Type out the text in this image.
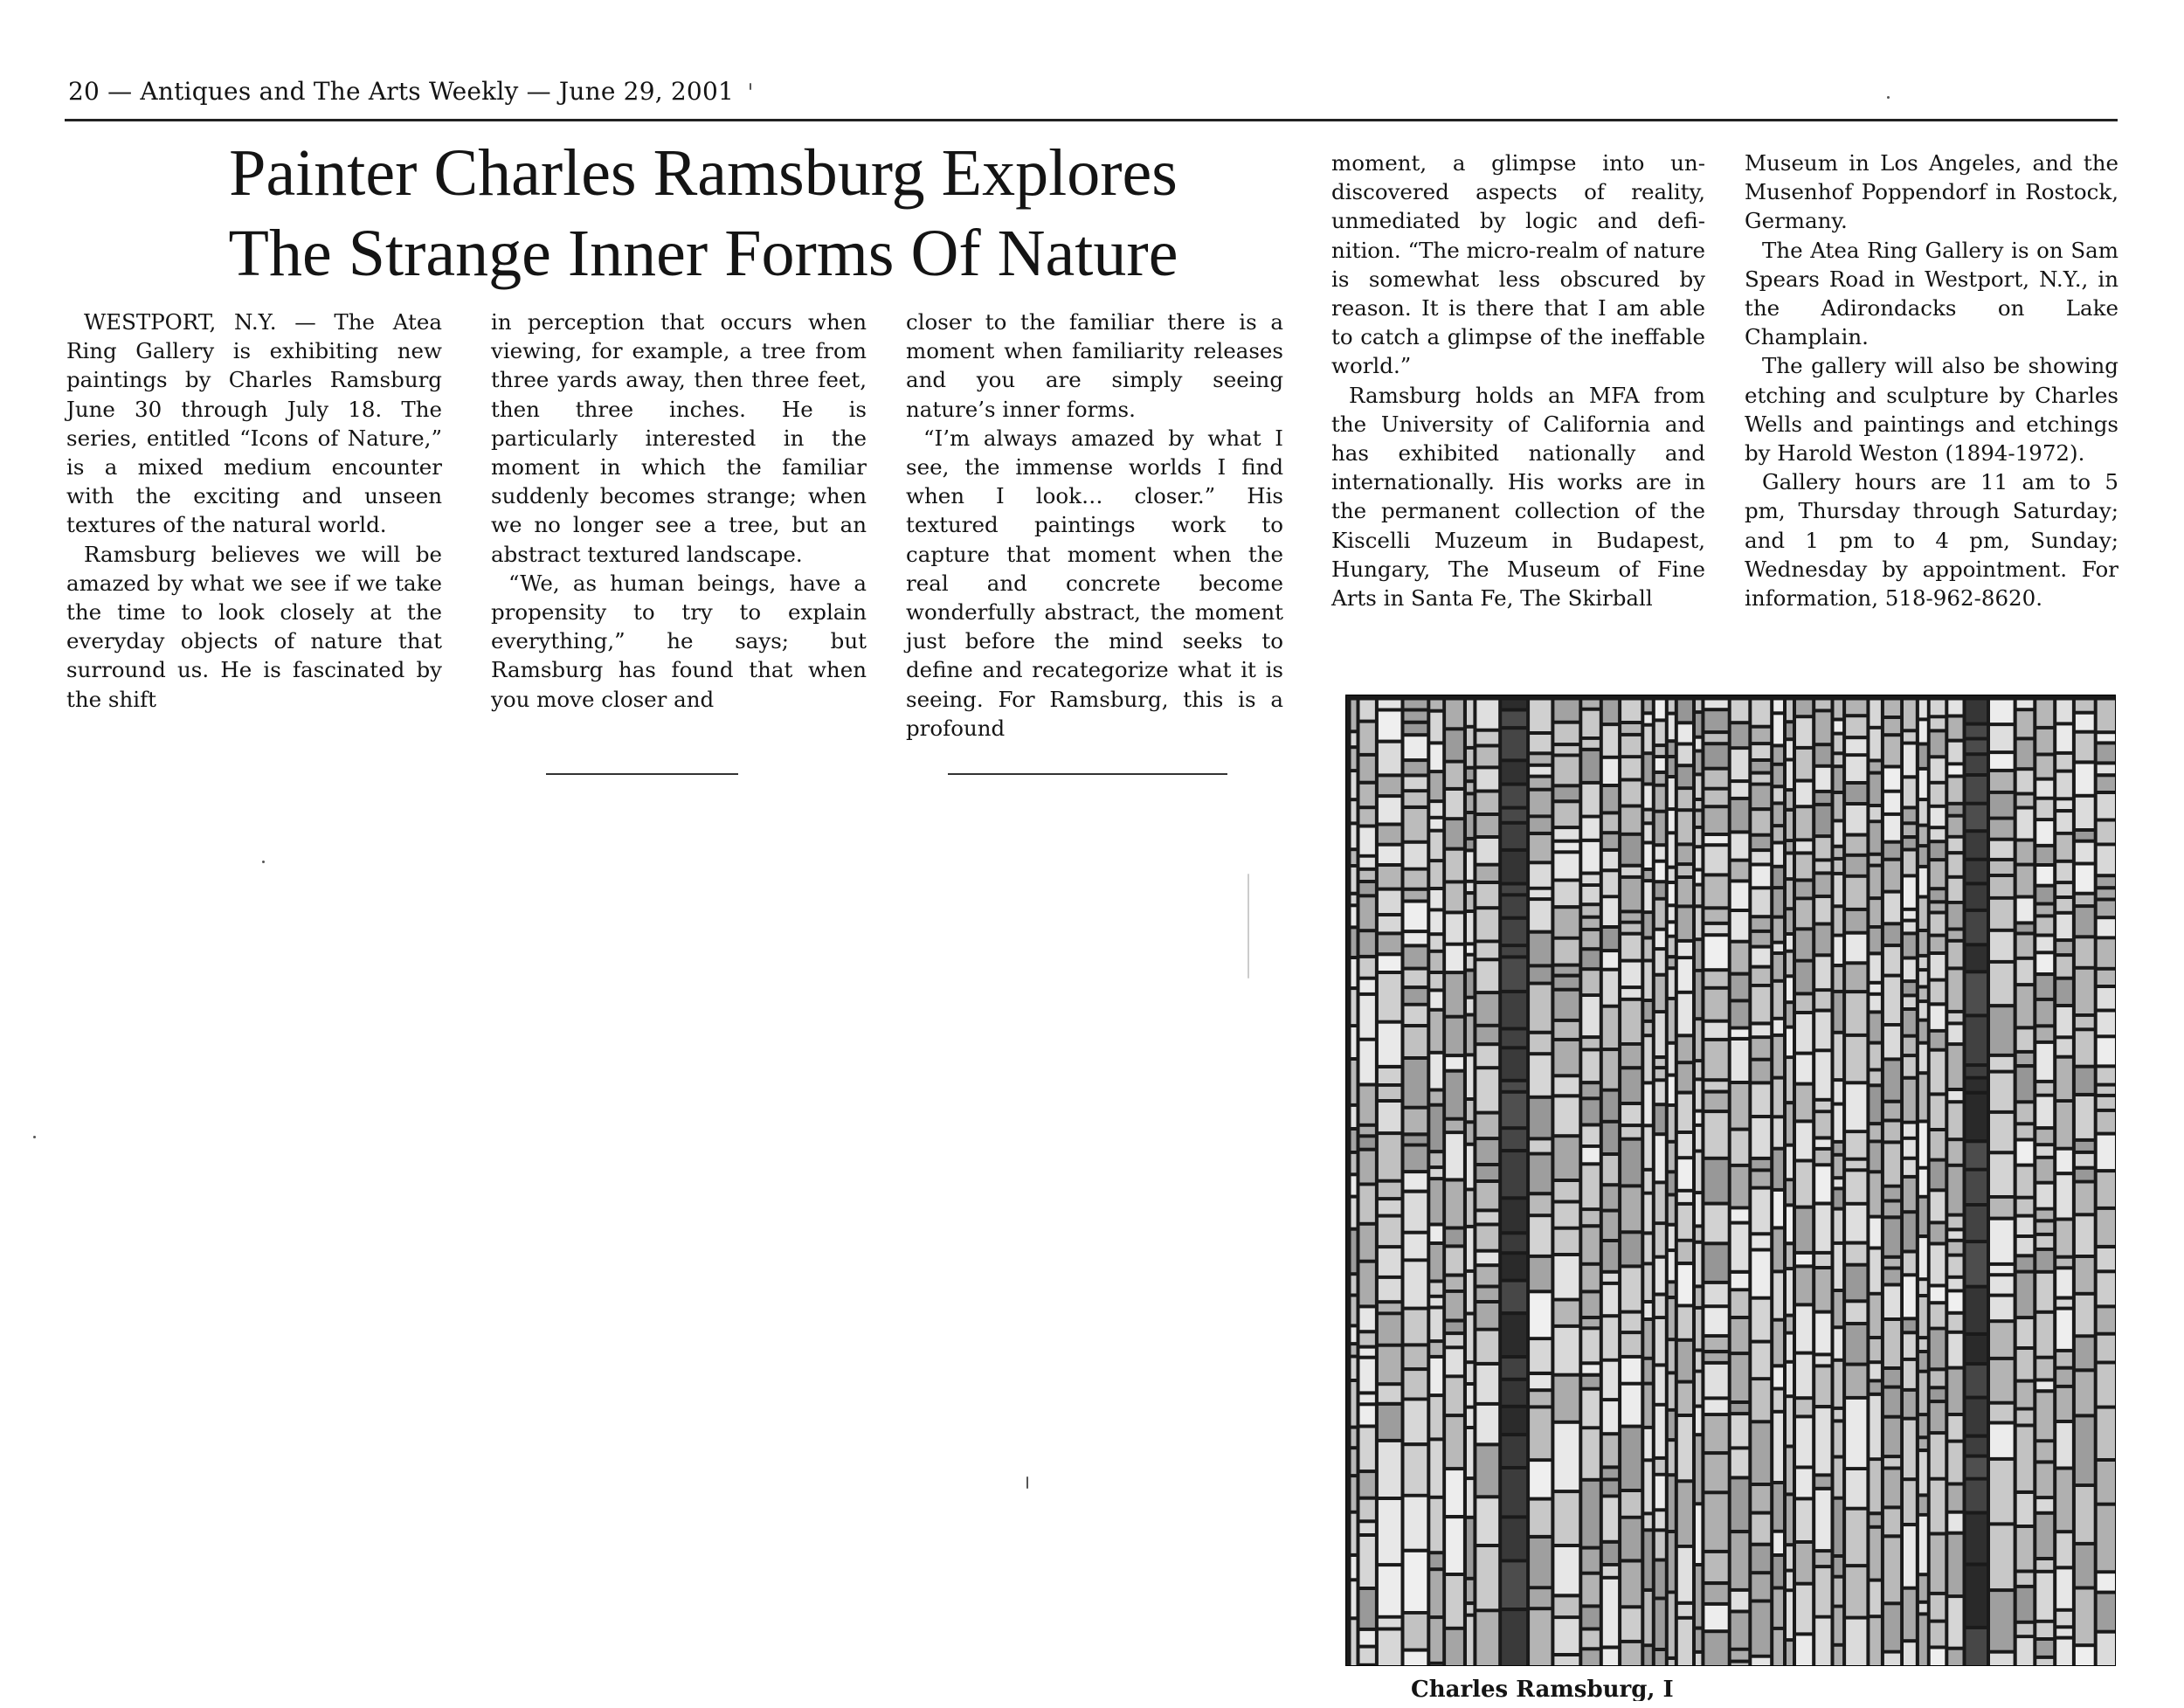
20 — Antiques and The Arts Weekly — June 29, 2001
Painter Charles Ramsburg Explores
The Strange Inner Forms Of Nature

WESTPORT, N.Y. — The Atea Ring Gallery is exhibiting new paintings by Charles Ramsburg June 30 through July 18. The series, entitled “Icons of Nature,” is a mixed medium encounter with the exciting and unseen textures of the natural world.

Ramsburg believes we will be amazed by what we see if we take the time to look closely at the everyday objects of nature that surround us. He is fascinated by the shift

in perception that occurs when viewing, for example, a tree from three yards away, then three feet, then three inches. He is particularly interested in the moment in which the familiar suddenly becomes strange; when we no longer see a tree, but an abstract textured landscape.

“We, as human beings, have a propensity to try to explain everything,” he says; but Ramsburg has found that when you move closer and

closer to the familiar there is a moment when familiarity releases and you are simply seeing nature’s inner forms.

“I’m always amazed by what I see, the immense worlds I find when I look… closer.” His textured paintings work to capture that moment when the real and concrete become wonderfully abstract, the moment just before the mind seeks to define and recategorize what it is seeing. For Ramsburg, this is a profound

moment, a glimpse into undiscovered aspects of reality, unmediated by logic and definition. “The micro-realm of nature is somewhat less obscured by reason. It is there that I am able to catch a glimpse of the ineffable world.”

Ramsburg holds an MFA from the University of California and has exhibited nationally and internationally. His works are in the permanent collection of the Kiscelli Muzeum in Budapest, Hungary, The Museum of Fine Arts in Santa Fe, The Skirball

Museum in Los Angeles, and the Musenhof Poppendorf in Rostock, Germany.

The Atea Ring Gallery is on Sam Spears Road in Westport, N.Y., in the Adirondacks on Lake Champlain.

The gallery will also be showing etching and sculpture by Charles Wells and paintings and etchings by Harold Weston (1894-1972).

Gallery hours are 11 am to 5 pm, Thursday through Saturday; and 1 pm to 4 pm, Sunday; Wednesday by appointment. For information, 518-962-8620.

Charles Ramsburg, I
